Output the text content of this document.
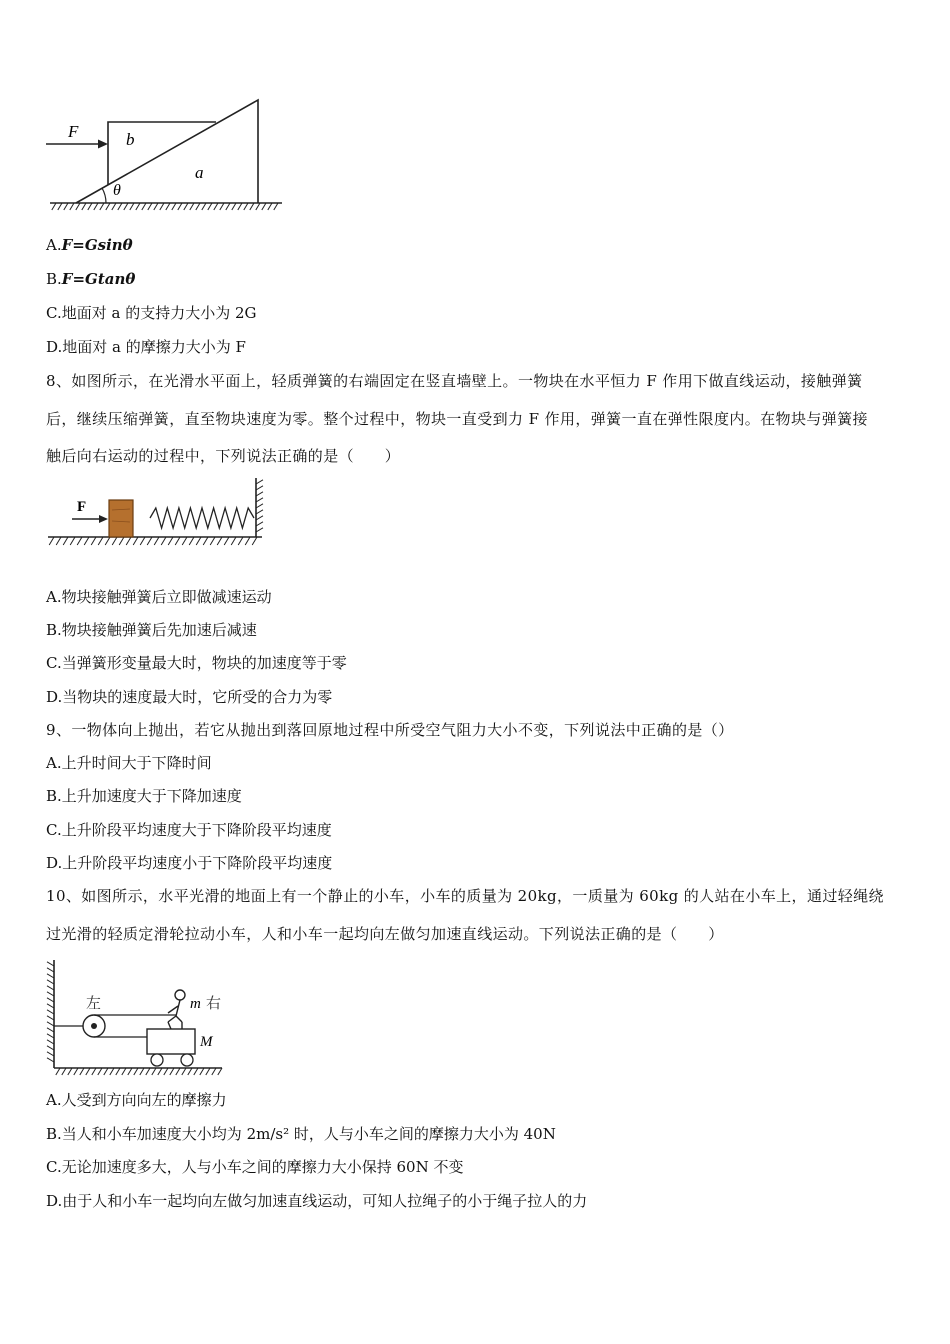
F	b
a
θ
A.F=Gsinθ
B.F=Gtanθ
C.地面对 a 的支持力大小为 2G
D.地面对 a 的摩擦力大小为 F
8、如图所示，在光滑水平面上，轻质弹簧的右端固定在竖直墙壁上。一物块在水平恒力 F 作用下做直线运动，接触弹簧
后，继续压缩弹簧，直至物块速度为零。整个过程中，物块一直受到力 F 作用，弹簧一直在弹性限度内。在物块与弹簧接
触后向右运动的过程中，下列说法正确的是（　　）
F
A.物块接触弹簧后立即做减速运动
B.物块接触弹簧后先加速后减速
C.当弹簧形变量最大时，物块的加速度等于零
D.当物块的速度最大时，它所受的合力为零
9、一物体向上抛出，若它从抛出到落回原地过程中所受空气阻力大小不变，下列说法中正确的是（）
A.上升时间大于下降时间
B.上升加速度大于下降加速度
C.上升阶段平均速度大于下降阶段平均速度
D.上升阶段平均速度小于下降阶段平均速度
10、如图所示，水平光滑的地面上有一个静止的小车，小车的质量为 20kg，一质量为 60kg 的人站在小车上，通过轻绳绕
过光滑的轻质定滑轮拉动小车，人和小车一起均向左做匀加速直线运动。下列说法正确的是（　　）
左	m 右
M
A.人受到方向向左的摩擦力
B.当人和小车加速度大小均为 2m/s² 时，人与小车之间的摩擦力大小为 40N
C.无论加速度多大，人与小车之间的摩擦力大小保持 60N 不变
D.由于人和小车一起均向左做匀加速直线运动，可知人拉绳子的小于绳子拉人的力
